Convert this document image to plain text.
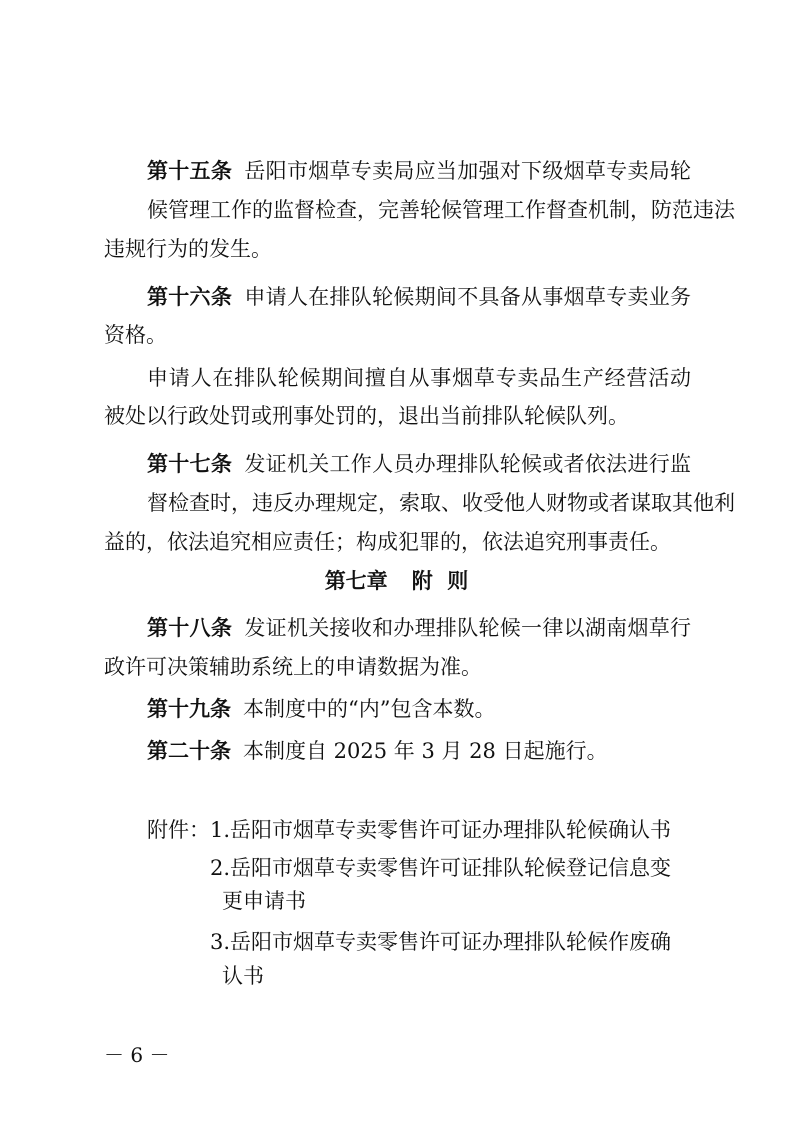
第十五条 岳阳市烟草专卖局应当加强对下级烟草专卖局轮
候管理工作的监督检查，完善轮候管理工作督查机制，防范违法
违规行为的发生。
第十六条 申请人在排队轮候期间不具备从事烟草专卖业务
资格。
申请人在排队轮候期间擅自从事烟草专卖品生产经营活动
被处以行政处罚或刑事处罚的，退出当前排队轮候队列。
第十七条 发证机关工作人员办理排队轮候或者依法进行监
督检查时，违反办理规定，索取、收受他人财物或者谋取其他利
益的，依法追究相应责任；构成犯罪的，依法追究刑事责任。
第七章 附  则
第十八条 发证机关接收和办理排队轮候一律以湖南烟草行
政许可决策辅助系统上的申请数据为准。
第十九条 本制度中的“内”包含本数。
第二十条 本制度自 2025 年 3 月 28 日起施行。
附件：1.岳阳市烟草专卖零售许可证办理排队轮候确认书
2.岳阳市烟草专卖零售许可证排队轮候登记信息变
更申请书
3.岳阳市烟草专卖零售许可证办理排队轮候作废确
认书
－ 6 －
